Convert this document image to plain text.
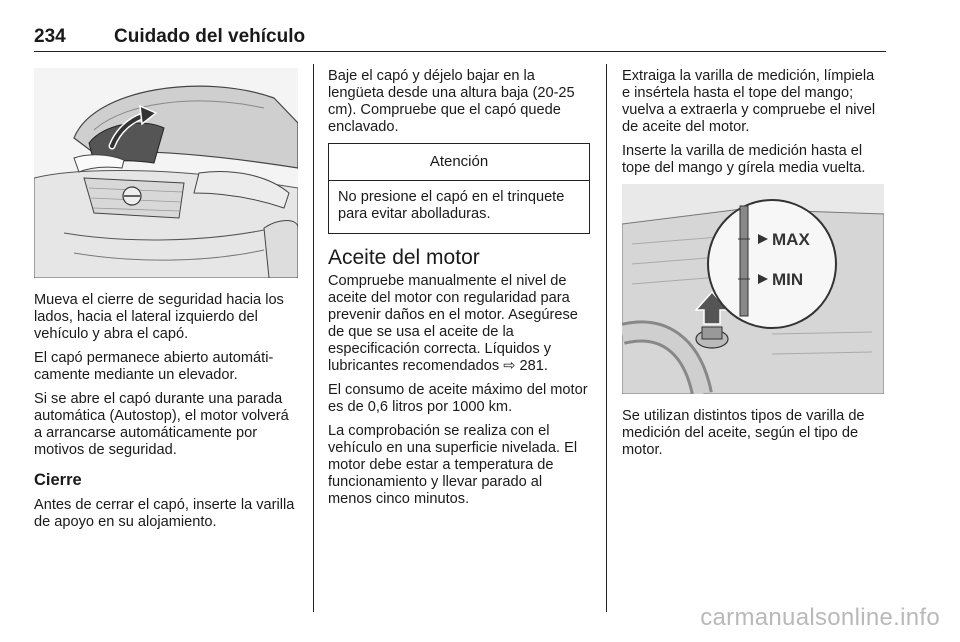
234	Cuidado del vehículo

Mueva el cierre de seguridad hacia los lados, hacia el lateral izquierdo del vehículo y abra el capó.

El capó permanece abierto automáticamente mediante un elevador.

Si se abre el capó durante una parada automática (Autostop), el motor volverá a arrancarse automáticamente por motivos de seguridad.

Cierre

Antes de cerrar el capó, inserte la varilla de apoyo en su alojamiento.

Baje el capó y déjelo bajar en la lengüeta desde una altura baja (20-25 cm). Compruebe que el capó quede enclavado.

Atención
No presione el capó en el trinquete para evitar abolladuras.
Aceite del motor

Compruebe manualmente el nivel de aceite del motor con regularidad para prevenir daños en el motor. Asegúrese de que se usa el aceite de la especificación correcta. Líquidos y lubricantes recomendados ⇨ 281.

El consumo de aceite máximo del motor es de 0,6 litros por 1000 km.

La comprobación se realiza con el vehículo en una superficie nivelada. El motor debe estar a temperatura de funcionamiento y llevar parado al menos cinco minutos.

Extraiga la varilla de medición, límpiela e insértela hasta el tope del mango; vuelva a extraerla y compruebe el nivel de aceite del motor.

Inserte la varilla de medición hasta el tope del mango y gírela media vuelta.

MAX
MIN

Se utilizan distintos tipos de varilla de medición del aceite, según el tipo de motor.

carmanualsonline.info
